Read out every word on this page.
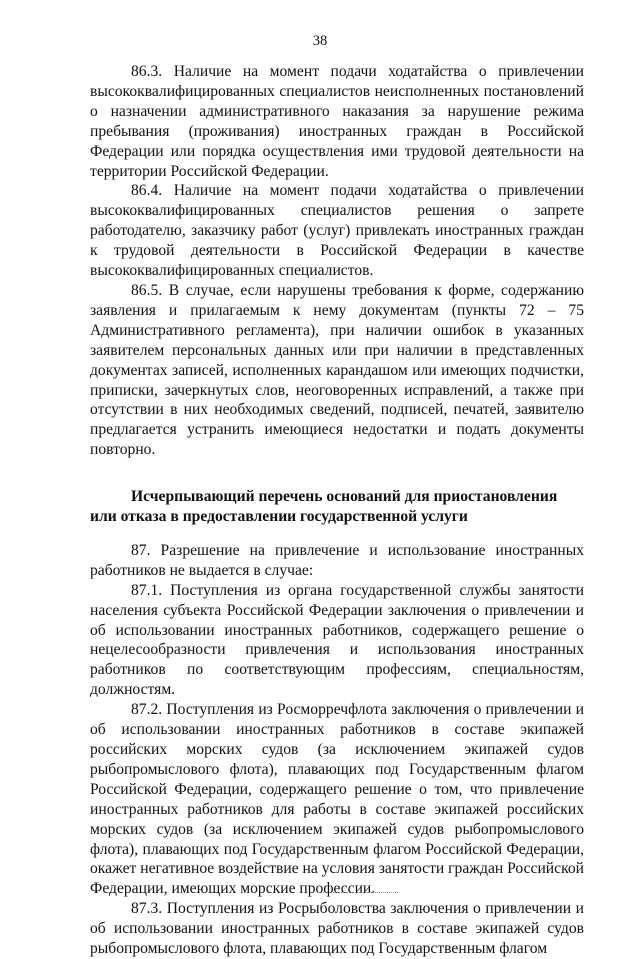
38

86.3. Наличие на момент подачи ходатайства о привлечении высококвалифицированных специалистов неисполненных постановлений о назначении административного наказания за нарушение режима пребывания (проживания) иностранных граждан в Российской Федерации или порядка осуществления ими трудовой деятельности на территории Российской Федерации.

86.4. Наличие на момент подачи ходатайства о привлечении высококвалифицированных специалистов решения о запрете работодателю, заказчику работ (услуг) привлекать иностранных граждан к трудовой деятельности в Российской Федерации в качестве высококвалифицированных специалистов.

86.5. В случае, если нарушены требования к форме, содержанию заявления и прилагаемым к нему документам (пункты 72 – 75 Административного регламента), при наличии ошибок в указанных заявителем персональных данных или при наличии в представленных документах записей, исполненных карандашом или имеющих подчистки, приписки, зачеркнутых слов, неоговоренных исправлений, а также при отсутствии в них необходимых сведений, подписей, печатей, заявителю предлагается устранить имеющиеся недостатки и подать документы повторно.

Исчерпывающий перечень оснований для приостановления или отказа в предоставлении государственной услуги

87. Разрешение на привлечение и использование иностранных работников не выдается в случае:

87.1. Поступления из органа государственной службы занятости населения субъекта Российской Федерации заключения о привлечении и об использовании иностранных работников, содержащего решение о нецелесообразности привлечения и использования иностранных работников по соответствующим профессиям, специальностям, должностям.

87.2. Поступления из Росморречфлота заключения о привлечении и об использовании иностранных работников в составе экипажей российских морских судов (за исключением экипажей судов рыбопромыслового флота), плавающих под Государственным флагом Российской Федерации, содержащего решение о том, что привлечение иностранных работников для работы в составе экипажей российских морских судов (за исключением экипажей судов рыбопромыслового флота), плавающих под Государственным флагом Российской Федерации, окажет негативное воздействие на условия занятости граждан Российской Федерации, имеющих морские профессии.

87.3. Поступления из Росрыболовства заключения о привлечении и об использовании иностранных работников в составе экипажей судов рыбопромыслового флота, плавающих под Государственным флагом
